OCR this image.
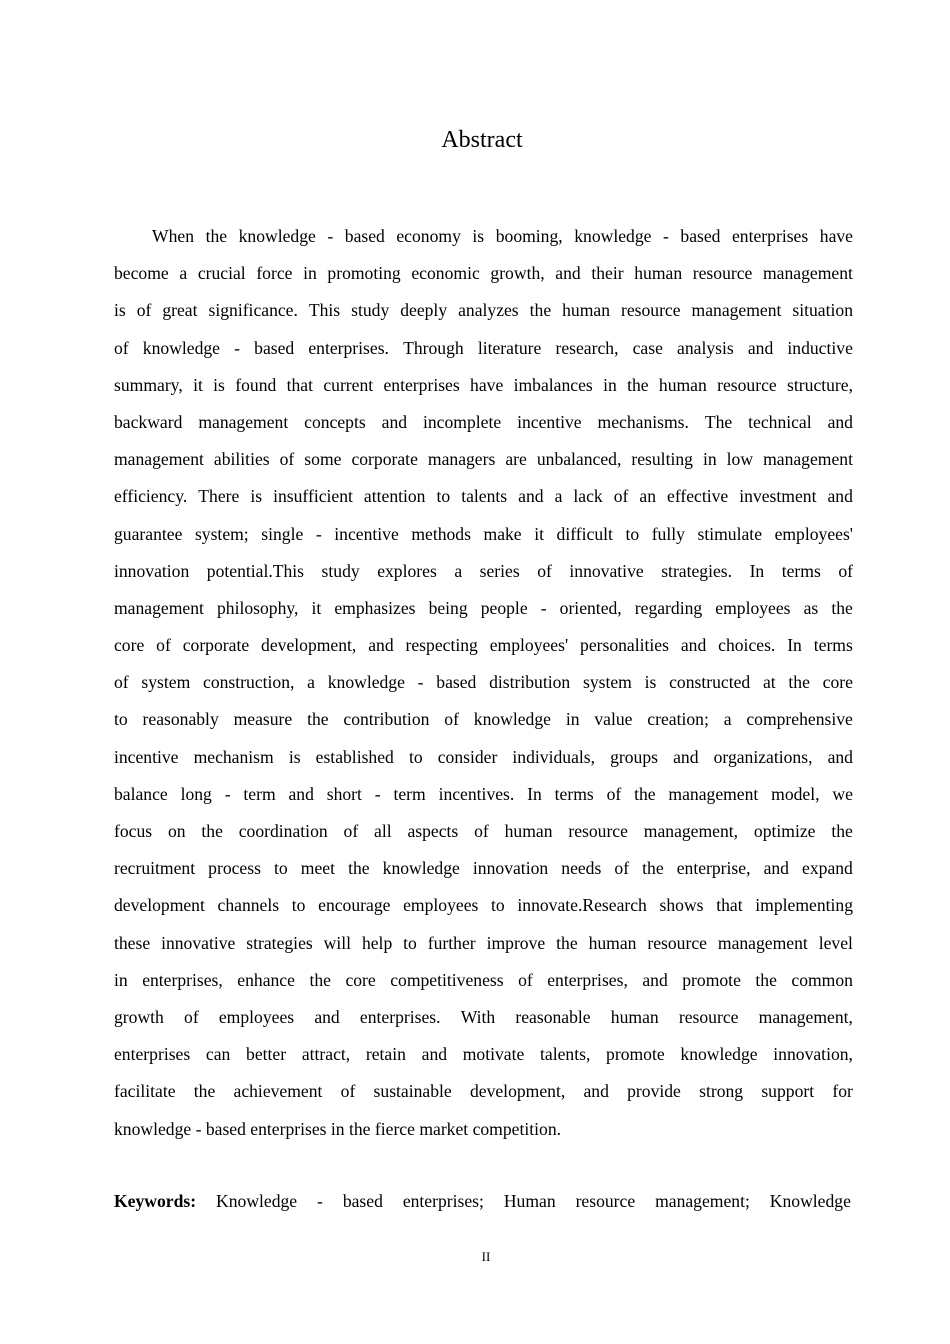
Abstract
When the knowledge - based economy is booming, knowledge - based enterprises have
become a crucial force in promoting economic growth, and their human resource management
is of great significance. This study deeply analyzes the human resource management situation
of knowledge - based enterprises. Through literature research, case analysis and inductive
summary, it is found that current enterprises have imbalances in the human resource structure,
backward management concepts and incomplete incentive mechanisms. The technical and
management abilities of some corporate managers are unbalanced, resulting in low management
efficiency. There is insufficient attention to talents and a lack of an effective investment and
guarantee system; single - incentive methods make it difficult to fully stimulate employees'
innovation potential.This study explores a series of innovative strategies. In terms of
management philosophy, it emphasizes being people - oriented, regarding employees as the
core of corporate development, and respecting employees' personalities and choices. In terms
of system construction, a knowledge - based distribution system is constructed at the core
to reasonably measure the contribution of knowledge in value creation; a comprehensive
incentive mechanism is established to consider individuals, groups and organizations, and
balance long - term and short - term incentives. In terms of the management model, we
focus on the coordination of all aspects of human resource management, optimize the
recruitment process to meet the knowledge innovation needs of the enterprise, and expand
development channels to encourage employees to innovate.Research shows that implementing
these innovative strategies will help to further improve the human resource management level
in enterprises, enhance the core competitiveness of enterprises, and promote the common
growth of employees and enterprises. With reasonable human resource management,
enterprises can better attract, retain and motivate talents, promote knowledge innovation,
facilitate the achievement of sustainable development, and provide strong support for
knowledge - based enterprises in the fierce market competition.
Keywords: Knowledge - based enterprises; Human resource management; Knowledge
II
